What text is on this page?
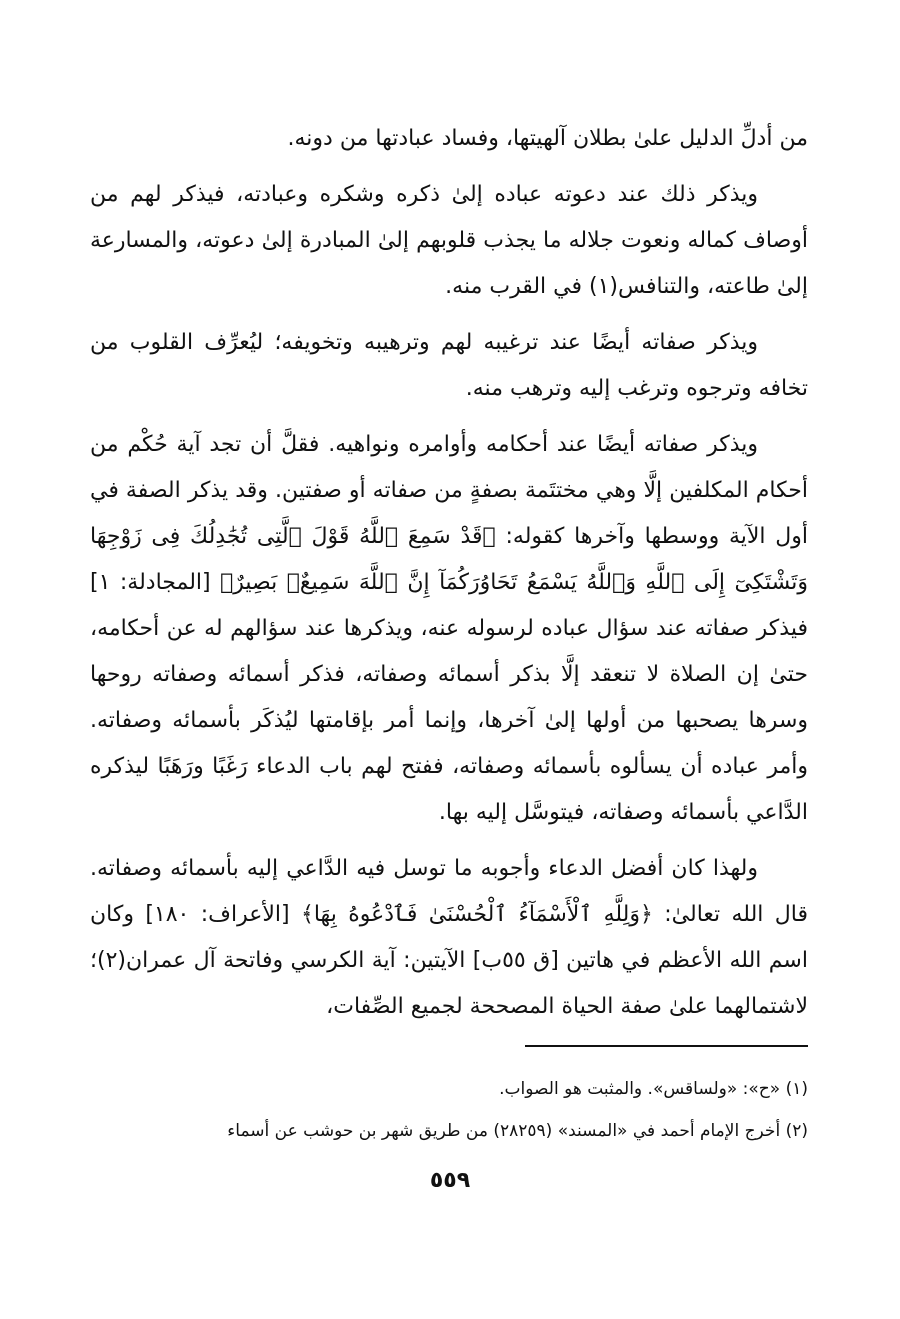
من أدلِّ الدليل علىٰ بطلان آلهيتها، وفساد عبادتها من دونه.

ويذكر ذلك عند دعوته عباده إلىٰ ذكره وشكره وعبادته، فيذكر لهم من أوصاف كماله ونعوت جلاله ما يجذب قلوبهم إلىٰ المبادرة إلىٰ دعوته، والمسارعة إلىٰ طاعته، والتنافس(١) في القرب منه.

ويذكر صفاته أيضًا عند ترغيبه لهم وترهيبه وتخويفه؛ ليُعرِّف القلوب من تخافه وترجوه وترغب إليه وترهب منه.

ويذكر صفاته أيضًا عند أحكامه وأوامره ونواهيه. فقلَّ أن تجد آية حُكْم من أحكام المكلفين إلَّا وهي مختتَمة بصفةٍ من صفاته أو صفتين. وقد يذكر الصفة في أول الآية ووسطها وآخرها كقوله: ﴿قَدْ سَمِعَ ٱللَّهُ قَوْلَ ٱلَّتِى تُجَٰدِلُكَ فِى زَوْجِهَا وَتَشْتَكِىٓ إِلَى ٱللَّهِ وَٱللَّهُ يَسْمَعُ تَحَاوُرَكُمَآ إِنَّ ٱللَّهَ سَمِيعٌۢ بَصِيرٌ﴾ [المجادلة: ١] فيذكر صفاته عند سؤال عباده لرسوله عنه، ويذكرها عند سؤالهم له عن أحكامه، حتىٰ إن الصلاة لا تنعقد إلَّا بذكر أسمائه وصفاته، فذكر أسمائه وصفاته روحها وسرها يصحبها من أولها إلىٰ آخرها، وإنما أمر بإقامتها ليُذكَر بأسمائه وصفاته. وأمر عباده أن يسألوه بأسمائه وصفاته، ففتح لهم باب الدعاء رَغَبًا ورَهَبًا ليذكره الدَّاعي بأسمائه وصفاته، فيتوسَّل إليه بها.

ولهذا كان أفضل الدعاء وأجوبه ما توسل فيه الدَّاعي إليه بأسمائه وصفاته. قال الله تعالىٰ: ﴿وَلِلَّهِ ٱلْأَسْمَآءُ ٱلْحُسْنَىٰ فَٱدْعُوهُ بِهَا﴾ [الأعراف: ١٨٠] وكان اسم الله الأعظم في هاتين [ق ٥٥ب] الآيتين: آية الكرسي وفاتحة آل عمران(٢)؛ لاشتمالهما علىٰ صفة الحياة المصححة لجميع الصِّفات،

(١) «ح»: «ولساقس». والمثبت هو الصواب.

(٢) أخرج الإمام أحمد في «المسند» (٢٨٢٥٩) من طريق شهر بن حوشب عن أسماء

٥٥٩
